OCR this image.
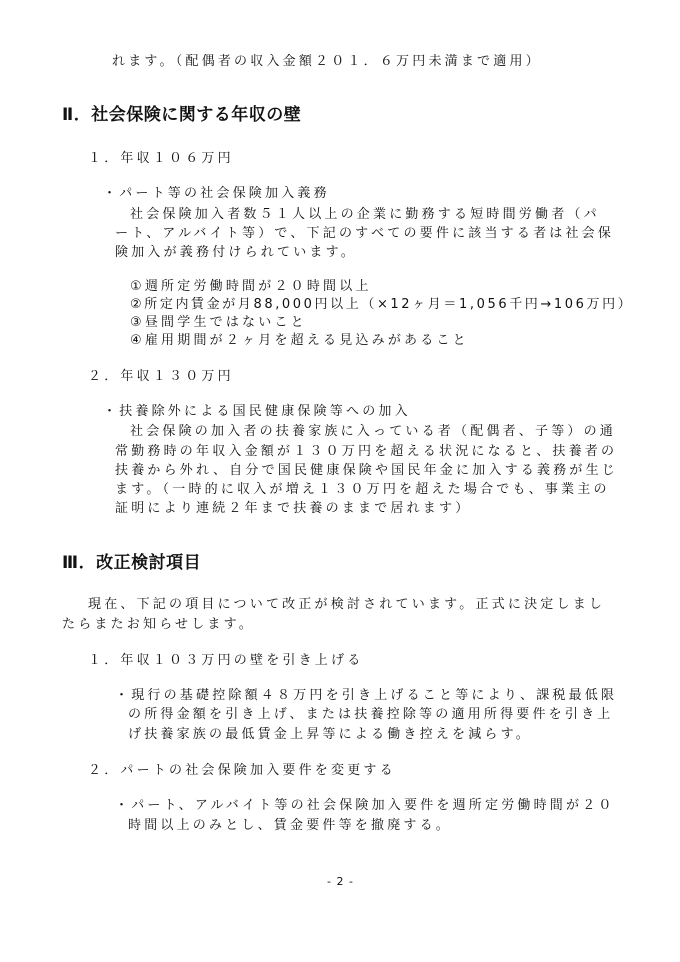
れます。（配偶者の収入金額２０１．６万円未満まで適用）
Ⅱ．社会保険に関する年収の壁
１．年収１０６万円
・パート等の社会保険加入義務
社会保険加入者数５１人以上の企業に勤務する短時間労働者（パ
ート、アルバイト等）で、下記のすべての要件に該当する者は社会保
険加入が義務付けられています。
①週所定労働時間が２０時間以上
②所定内賃金が月88,000円以上（×12ヶ月＝1,056千円→106万円）
③昼間学生ではないこと
④雇用期間が２ヶ月を超える見込みがあること
２．年収１３０万円
・扶養除外による国民健康保険等への加入
社会保険の加入者の扶養家族に入っている者（配偶者、子等）の通
常勤務時の年収入金額が１３０万円を超える状況になると、扶養者の
扶養から外れ、自分で国民健康保険や国民年金に加入する義務が生じ
ます。（一時的に収入が増え１３０万円を超えた場合でも、事業主の
証明により連続２年まで扶養のままで居れます）
Ⅲ．改正検討項目
現在、下記の項目について改正が検討されています。正式に決定しまし
たらまたお知らせします。
１．年収１０３万円の壁を引き上げる
・現行の基礎控除額４８万円を引き上げること等により、課税最低限
の所得金額を引き上げ、または扶養控除等の適用所得要件を引き上
げ扶養家族の最低賃金上昇等による働き控えを減らす。
２．パートの社会保険加入要件を変更する
・パート、アルバイト等の社会保険加入要件を週所定労働時間が２０
時間以上のみとし、賃金要件等を撤廃する。
- 2 -
